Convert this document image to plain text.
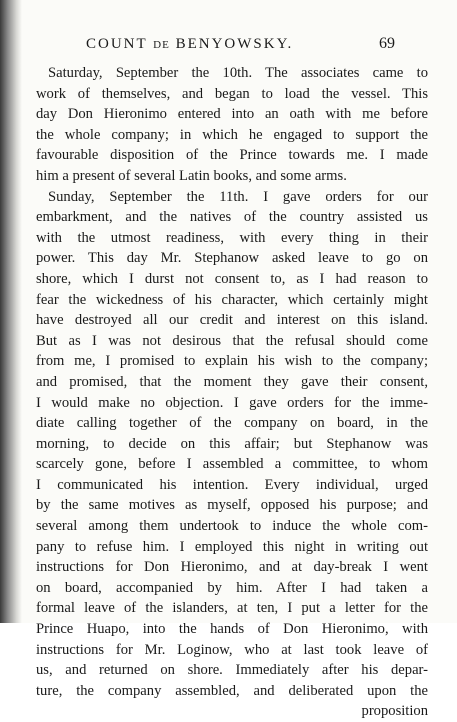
COUNT DE BENYOWSKY.	69
Saturday, September the 10th. The associates came to
work of themselves, and began to load the vessel. This
day Don Hieronimo entered into an oath with me before
the whole company; in which he engaged to support the
favourable disposition of the Prince towards me. I made
him a present of several Latin books, and some arms.
Sunday, September the 11th. I gave orders for our
embarkment, and the natives of the country assisted us
with the utmost readiness, with every thing in their
power. This day Mr. Stephanow asked leave to go on
shore, which I durst not consent to, as I had reason to
fear the wickedness of his character, which certainly might
have destroyed all our credit and interest on this island.
But as I was not desirous that the refusal should come
from me, I promised to explain his wish to the company;
and promised, that the moment they gave their consent,
I would make no objection. I gave orders for the imme-
diate calling together of the company on board, in the
morning, to decide on this affair; but Stephanow was
scarcely gone, before I assembled a committee, to whom
I communicated his intention. Every individual, urged
by the same motives as myself, opposed his purpose; and
several among them undertook to induce the whole com-
pany to refuse him. I employed this night in writing out
instructions for Don Hieronimo, and at day-break I went
on board, accompanied by him. After I had taken a
formal leave of the islanders, at ten, I put a letter for the
Prince Huapo, into the hands of Don Hieronimo, with
instructions for Mr. Loginow, who at last took leave of
us, and returned on shore. Immediately after his depar-
ture, the company assembled, and deliberated upon the
proposition
